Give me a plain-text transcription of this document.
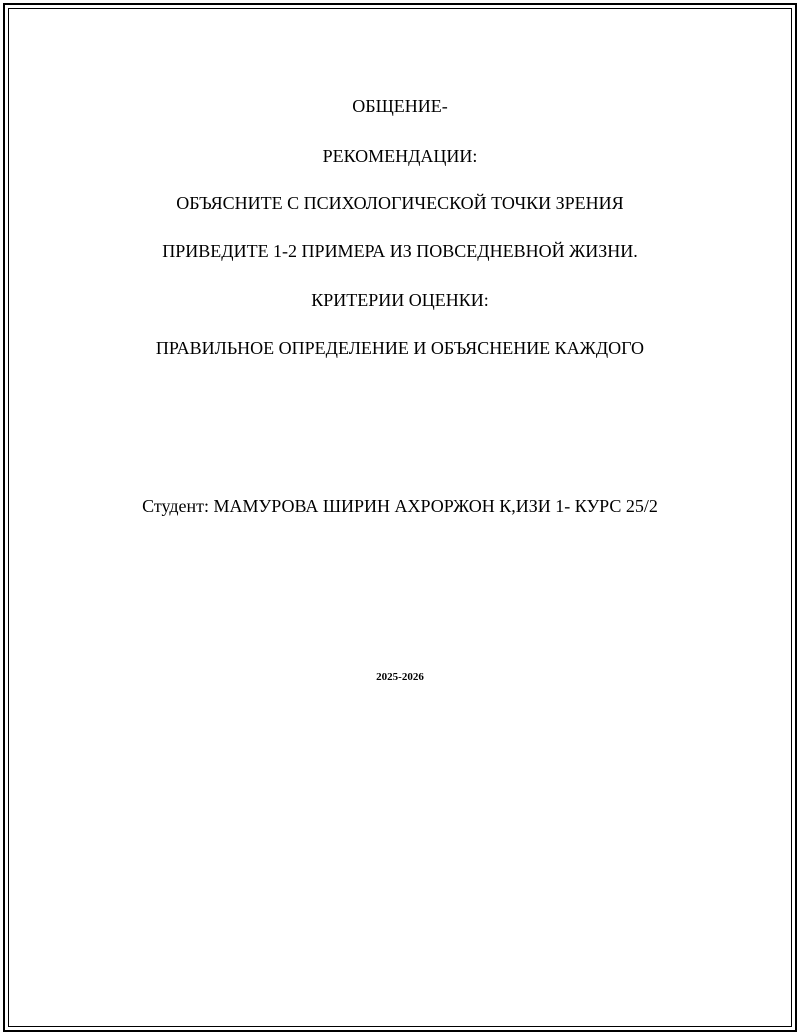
ОБЩЕНИЕ-
РЕКОМЕНДАЦИИ:
ОБЪЯСНИТЕ С ПСИХОЛОГИЧЕСКОЙ ТОЧКИ ЗРЕНИЯ
ПРИВЕДИТЕ 1-2 ПРИМЕРА ИЗ ПОВСЕДНЕВНОЙ ЖИЗНИ.
КРИТЕРИИ ОЦЕНКИ:
ПРАВИЛЬНОЕ ОПРЕДЕЛЕНИЕ И ОБЪЯСНЕНИЕ КАЖДОГО
Студент: МАМУРОВА ШИРИН АХРОРЖОН К,ИЗИ 1- КУРС 25/2
2025-2026
